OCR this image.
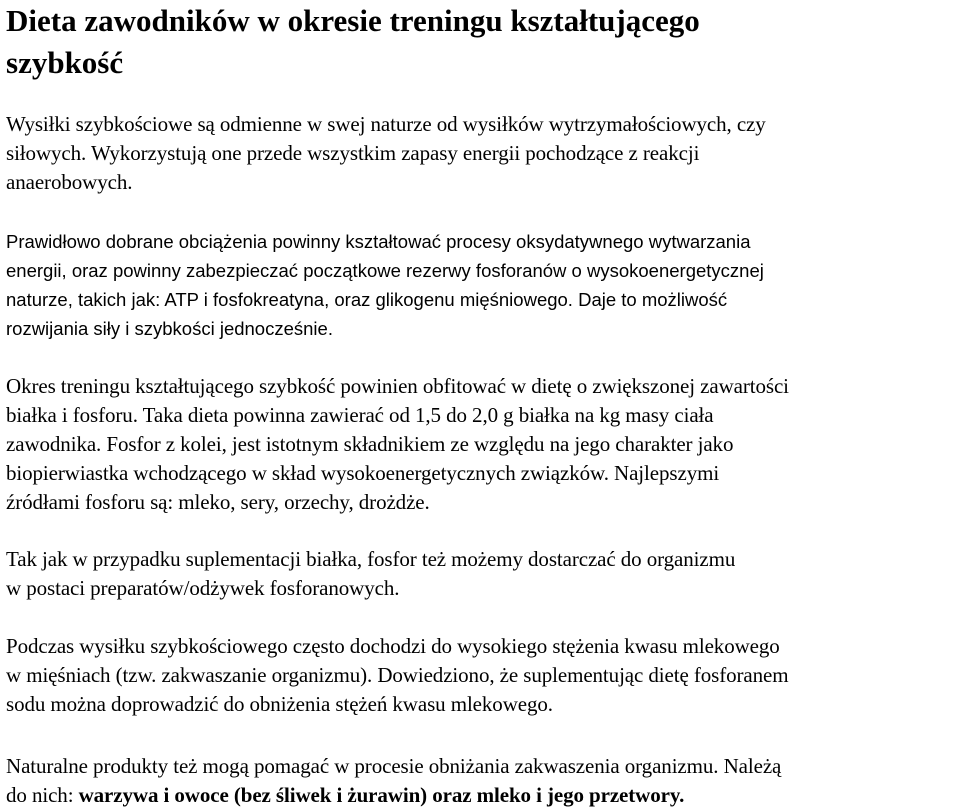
Dieta zawodników w okresie treningu kształtującego
szybkość

Wysiłki szybkościowe są odmienne w swej naturze od wysiłków wytrzymałościowych, czy
siłowych. Wykorzystują one przede wszystkim zapasy energii pochodzące z reakcji
anaerobowych.

Prawidłowo dobrane obciążenia powinny kształtować procesy oksydatywnego wytwarzania
energii, oraz powinny zabezpieczać początkowe rezerwy fosforanów o wysokoenergetycznej
naturze, takich jak: ATP i fosfokreatyna, oraz glikogenu mięśniowego. Daje to możliwość
rozwijania siły i szybkości jednocześnie.

Okres treningu kształtującego szybkość powinien obfitować w dietę o zwiększonej zawartości
białka i fosforu. Taka dieta powinna zawierać od 1,5 do 2,0 g białka na kg masy ciała
zawodnika. Fosfor z kolei, jest istotnym składnikiem ze względu na jego charakter jako
biopierwiastka wchodzącego w skład wysokoenergetycznych związków. Najlepszymi
źródłami fosforu są: mleko, sery, orzechy, drożdże.

Tak jak w przypadku suplementacji białka, fosfor też możemy dostarczać do organizmu
w postaci preparatów/odżywek fosforanowych.

Podczas wysiłku szybkościowego często dochodzi do wysokiego stężenia kwasu mlekowego
w mięśniach (tzw. zakwaszanie organizmu). Dowiedziono, że suplementując dietę fosforanem
sodu można doprowadzić do obniżenia stężeń kwasu mlekowego.

Naturalne produkty też mogą pomagać w procesie obniżania zakwaszenia organizmu. Należą
do nich: warzywa i owoce (bez śliwek i żurawin) oraz mleko i jego przetwory.
